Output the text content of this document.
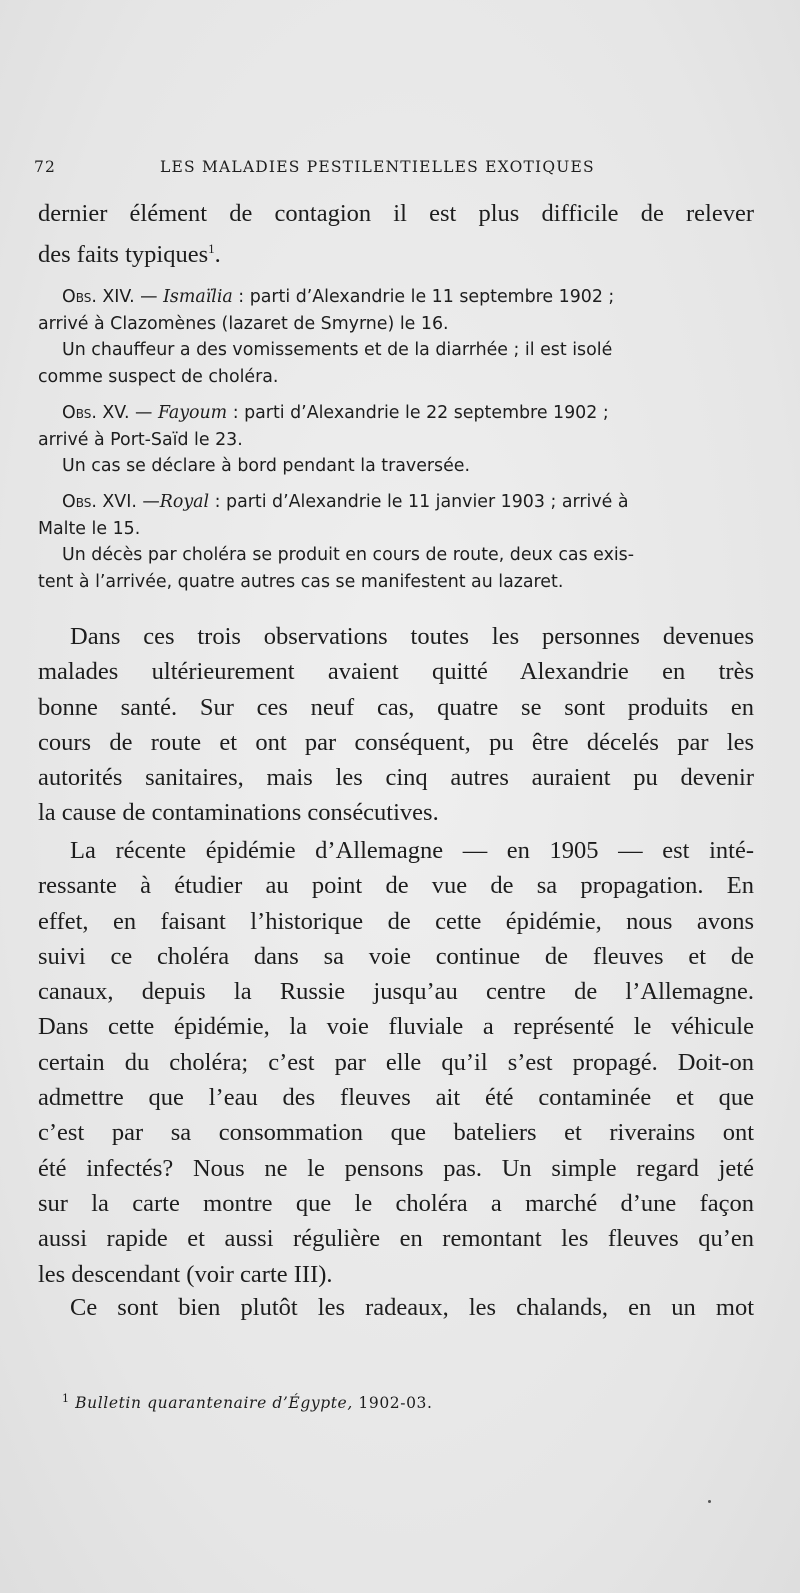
72	LES MALADIES PESTILENTIELLES EXOTIQUES
dernier élément de contagion il est plus difficile de relever
des faits typiques$^1$.
Obs. XIV. — Ismaïlia : parti d’Alexandrie le 11 septembre 1902 ;
arrivé à Clazomènes (lazaret de Smyrne) le 16.
Un chauffeur a des vomissements et de la diarrhée ; il est isolé
comme suspect de choléra.
Obs. XV. — Fayoum : parti d’Alexandrie le 22 septembre 1902 ;
arrivé à Port-Saïd le 23.
Un cas se déclare à bord pendant la traversée.
Obs. XVI. —Royal : parti d’Alexandrie le 11 janvier 1903 ; arrivé à
Malte le 15.
Un décès par choléra se produit en cours de route, deux cas exis-
tent à l’arrivée, quatre autres cas se manifestent au lazaret.
Dans ces trois observations toutes les personnes devenues
malades ultérieurement avaient quitté Alexandrie en très
bonne santé. Sur ces neuf cas, quatre se sont produits en
cours de route et ont par conséquent, pu être décelés par les
autorités sanitaires, mais les cinq autres auraient pu devenir
la cause de contaminations consécutives.
La récente épidémie d’Allemagne — en 1905 — est inté-
ressante à étudier au point de vue de sa propagation. En
effet, en faisant l’historique de cette épidémie, nous avons
suivi ce choléra dans sa voie continue de fleuves et de
canaux, depuis la Russie jusqu’au centre de l’Allemagne.
Dans cette épidémie, la voie fluviale a représenté le véhicule
certain du choléra; c’est par elle qu’il s’est propagé. Doit-on
admettre que l’eau des fleuves ait été contaminée et que
c’est par sa consommation que bateliers et riverains ont
été infectés? Nous ne le pensons pas. Un simple regard jeté
sur la carte montre que le choléra a marché d’une façon
aussi rapide et aussi régulière en remontant les fleuves qu’en
les descendant (voir carte III).
Ce sont bien plutôt les radeaux, les chalands, en un mot
$^1$ Bulletin quarantenaire d’Égypte, 1902-03.
